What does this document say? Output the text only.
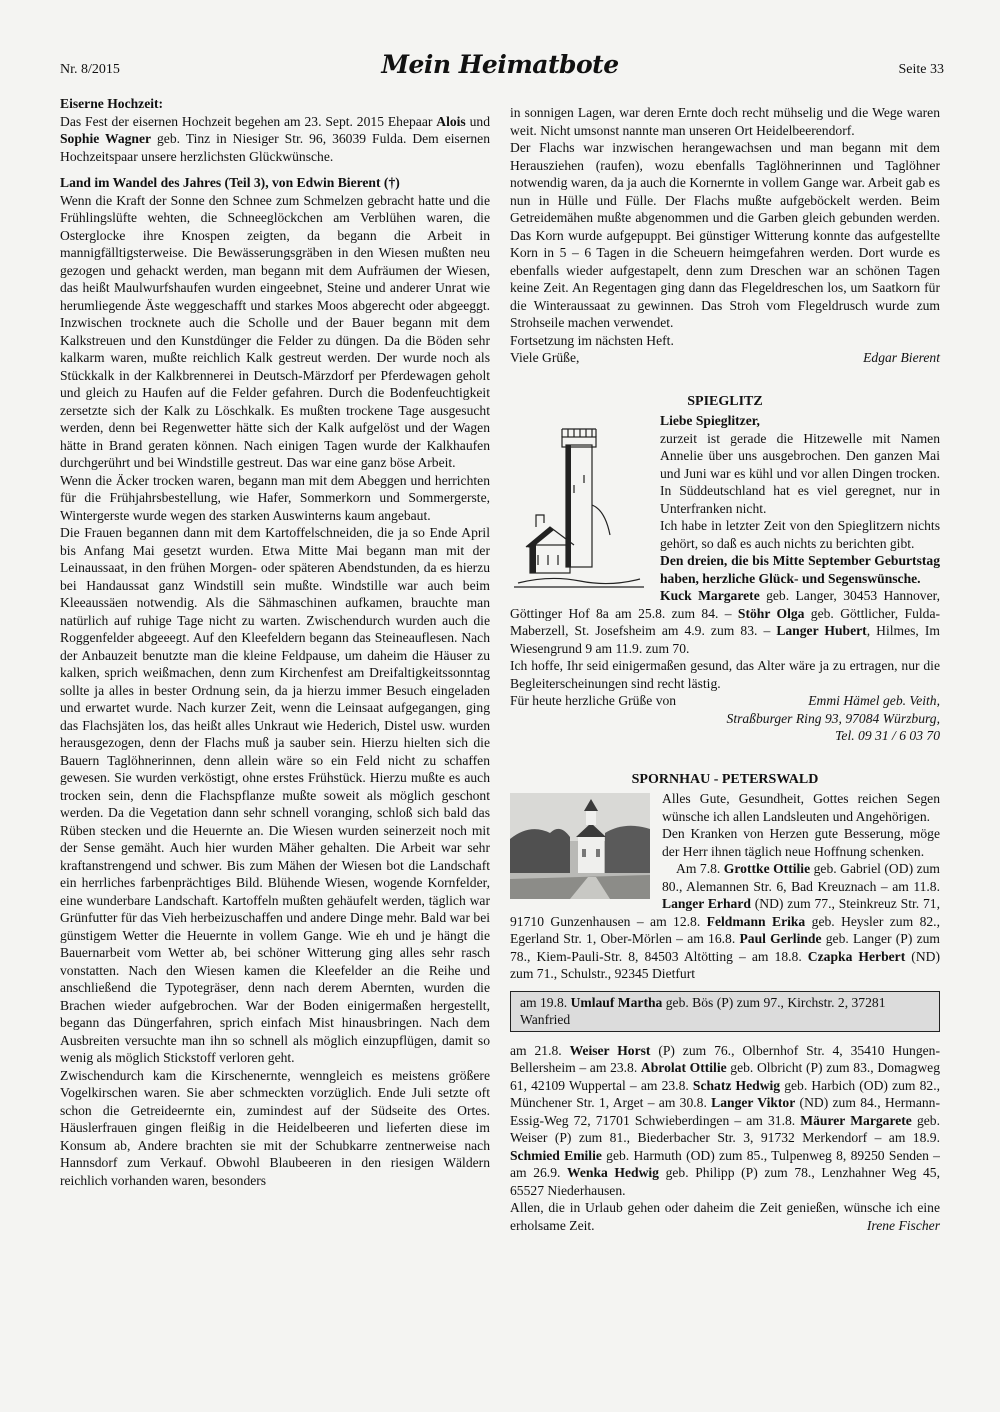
Nr. 8/2015	Mein Heimatbote	Seite 33

Eiserne Hochzeit:

Das Fest der eisernen Hochzeit begehen am 23. Sept. 2015 Ehepaar Alois und Sophie Wagner geb. Tinz in Niesiger Str. 96, 36039 Fulda. Dem eisernen Hochzeitspaar unsere herzlichsten Glückwünsche.

Land im Wandel des Jahres (Teil 3), von Edwin Bierent (†)

Wenn die Kraft der Sonne den Schnee zum Schmelzen gebracht hatte und die Frühlingslüfte wehten, die Schneeglöckchen am Verblühen waren, die Osterglocke ihre Knospen zeigten, da begann die Arbeit in mannigfälltigsterweise. Die Bewässerungsgräben in den Wiesen mußten neu gezogen und gehackt werden, man begann mit dem Aufräumen der Wiesen, das heißt Maulwurfshaufen wurden eingeebnet, Steine und anderer Unrat wie herumliegende Äste weggeschafft und starkes Moos abgerecht oder abgeeggt. Inzwischen trocknete auch die Scholle und der Bauer begann mit dem Kalkstreuen und den Kunstdünger die Felder zu düngen. Da die Böden sehr kalkarm waren, mußte reichlich Kalk gestreut werden. Der wurde noch als Stückkalk in der Kalkbrennerei in Deutsch-Märzdorf per Pferdewagen geholt und gleich zu Haufen auf die Felder gefahren. Durch die Bodenfeuchtigkeit zersetzte sich der Kalk zu Löschkalk. Es mußten trockene Tage ausgesucht werden, denn bei Regenwetter hätte sich der Kalk aufgelöst und der Wagen hätte in Brand geraten können. Nach einigen Tagen wurde der Kalkhaufen durchgerührt und bei Windstille gestreut. Das war eine ganz böse Arbeit.

Wenn die Äcker trocken waren, begann man mit dem Abeggen und herrichten für die Frühjahrsbestellung, wie Hafer, Sommerkorn und Sommergerste, Wintergerste wurde wegen des starken Auswinterns kaum angebaut.

Die Frauen begannen dann mit dem Kartoffelschneiden, die ja so Ende April bis Anfang Mai gesetzt wurden. Etwa Mitte Mai begann man mit der Leinaussaat, in den frühen Morgen- oder späteren Abendstunden, da es hierzu bei Handaussat ganz Windstill sein mußte. Windstille war auch beim Kleeaussäen notwendig. Als die Sähmaschinen aufkamen, brauchte man natürlich auf ruhige Tage nicht zu warten. Zwischendurch wurden auch die Roggenfelder abgeeegt. Auf den Kleefeldern begann das Steineauflesen. Nach der Anbauzeit benutzte man die kleine Feldpause, um daheim die Häuser zu kalken, sprich weißmachen, denn zum Kirchenfest am Dreifaltigkeitssonntag sollte ja alles in bester Ordnung sein, da ja hierzu immer Besuch eingeladen und erwartet wurde. Nach kurzer Zeit, wenn die Leinsaat aufgegangen, ging das Flachsjäten los, das heißt alles Unkraut wie Hederich, Distel usw. wurden herausgezogen, denn der Flachs muß ja sauber sein. Hierzu hielten sich die Bauern Taglöhnerinnen, denn allein wäre so ein Feld nicht zu schaffen gewesen. Sie wurden verköstigt, ohne erstes Frühstück. Hierzu mußte es auch trocken sein, denn die Flachspflanze mußte soweit als möglich geschont werden. Da die Vegetation dann sehr schnell voranging, schloß sich bald das Rüben stecken und die Heuernte an. Die Wiesen wurden seinerzeit noch mit der Sense gemäht. Auch hier wurden Mäher gehalten. Die Arbeit war sehr kraftanstrengend und schwer. Bis zum Mähen der Wiesen bot die Landschaft ein herrliches farbenprächtiges Bild. Blühende Wiesen, wogende Kornfelder, eine wunderbare Landschaft. Kartoffeln mußten gehäufelt werden, täglich war Grünfutter für das Vieh herbeizuschaffen und andere Dinge mehr. Bald war bei günstigem Wetter die Heuernte in vollem Gange. Wie eh und je hängt die Bauernarbeit vom Wetter ab, bei schöner Witterung ging alles sehr rasch vonstatten. Nach den Wiesen kamen die Kleefelder an die Reihe und anschließend die Typotegräser, denn nach derem Abernten, wurden die Brachen wieder aufgebrochen. War der Boden einigermaßen hergestellt, begann das Düngerfahren, sprich einfach Mist hinausbringen. Nach dem Ausbreiten versuchte man ihn so schnell als möglich einzupflügen, damit so wenig als möglich Stickstoff verloren geht.

Zwischendurch kam die Kirschenernte, wenngleich es meistens größere Vogelkirschen waren. Sie aber schmeckten vorzüglich. Ende Juli setzte oft schon die Getreideernte ein, zumindest auf der Südseite des Ortes. Häuslerfrauen gingen fleißig in die Heidelbeeren und lieferten diese im Konsum ab, Andere brachten sie mit der Schubkarre zentnerweise nach Hannsdorf zum Verkauf. Obwohl Blaubeeren in den riesigen Wäldern reichlich vorhanden waren, besonders

in sonnigen Lagen, war deren Ernte doch recht mühselig und die Wege waren weit. Nicht umsonst nannte man unseren Ort Heidelbeerendorf.

Der Flachs war inzwischen herangewachsen und man begann mit dem Herausziehen (raufen), wozu ebenfalls Taglöhnerinnen und Taglöhner notwendig waren, da ja auch die Kornernte in vollem Gange war. Arbeit gab es nun in Hülle und Fülle. Der Flachs mußte aufgeböckelt werden. Beim Getreidemähen mußte abgenommen und die Garben gleich gebunden werden. Das Korn wurde aufgepuppt. Bei günstiger Witterung konnte das aufgestellte Korn in 5 – 6 Tagen in die Scheuern heimgefahren werden. Dort wurde es ebenfalls wieder aufgestapelt, denn zum Dreschen war an schönen Tagen keine Zeit. An Regentagen ging dann das Flegeldreschen los, um Saatkorn für die Winteraussaat zu gewinnen. Das Stroh vom Flegeldrusch wurde zum Strohseile machen verwendet.

Fortsetzung im nächsten Heft.

Viele Grüße,	Edgar Bierent
SPIEGLITZ

Liebe Spieglitzer,

zurzeit ist gerade die Hitzewelle mit Namen Annelie über uns ausgebrochen. Den ganzen Mai und Juni war es kühl und vor allen Dingen trocken. In Süddeutschland hat es viel geregnet, nur in Unterfranken nicht.

Ich habe in letzter Zeit von den Spieglitzern nichts gehört, so daß es auch nichts zu berichten gibt.

Den dreien, die bis Mitte September Geburtstag haben, herzliche Glück- und Segenswünsche.

Kuck Margarete geb. Langer, 30453 Hannover, Göttinger Hof 8a am 25.8. zum 84. – Stöhr Olga geb. Göttlicher, Fulda-Maberzell, St. Josefsheim am 4.9. zum 83. – Langer Hubert, Hilmes, Im Wiesengrund 9 am 11.9. zum 70.

Ich hoffe, Ihr seid einigermaßen gesund, das Alter wäre ja zu ertragen, nur die Begleiterscheinungen sind recht lästig.

Für heute herzliche Grüße von	Emmi Hämel geb. Veith,

Straßburger Ring 93, 97084 Würzburg,

Tel. 09 31 / 6 03 70

SPORNHAU - PETERSWALD

Alles Gute, Gesundheit, Gottes reichen Segen wünsche ich allen Landsleuten und Angehörigen.

Den Kranken von Herzen gute Besserung, möge der Herr ihnen täglich neue Hoffnung schenken.

Am 7.8. Grottke Ottilie geb. Gabriel (OD) zum 80., Alemannen Str. 6, Bad Kreuznach – am 11.8. Langer Erhard (ND) zum 77., Steinkreuz Str. 71, 91710 Gunzenhausen – am 12.8. Feldmann Erika geb. Heysler zum 82., Egerland Str. 1, Ober-Mörlen – am 16.8. Paul Gerlinde geb. Langer (P) zum 78., Kiem-Pauli-Str. 8, 84503 Altötting – am 18.8. Czapka Herbert (ND) zum 71., Schulstr., 92345 Dietfurt

am 19.8. Umlauf Martha geb. Bös (P) zum 97., Kirchstr. 2, 37281 Wanfried

am 21.8. Weiser Horst (P) zum 76., Olbernhof Str. 4, 35410 Hungen-Bellersheim – am 23.8. Abrolat Ottilie geb. Olbricht (P) zum 83., Domagweg 61, 42109 Wuppertal – am 23.8. Schatz Hedwig geb. Harbich (OD) zum 82., Münchener Str. 1, Arget – am 30.8. Langer Viktor (ND) zum 84., Hermann-Essig-Weg 72, 71701 Schwieberdingen – am 31.8. Mäurer Margarete geb. Weiser (P) zum 81., Biederbacher Str. 3, 91732 Merkendorf – am 18.9. Schmied Emilie geb. Harmuth (OD) zum 85., Tulpenweg 8, 89250 Senden – am 26.9. Wenka Hedwig geb. Philipp (P) zum 78., Lenzhahner Weg 45, 65527 Niederhausen.

Allen, die in Urlaub gehen oder daheim die Zeit genießen, wünsche ich eine erholsame Zeit.	Irene Fischer
